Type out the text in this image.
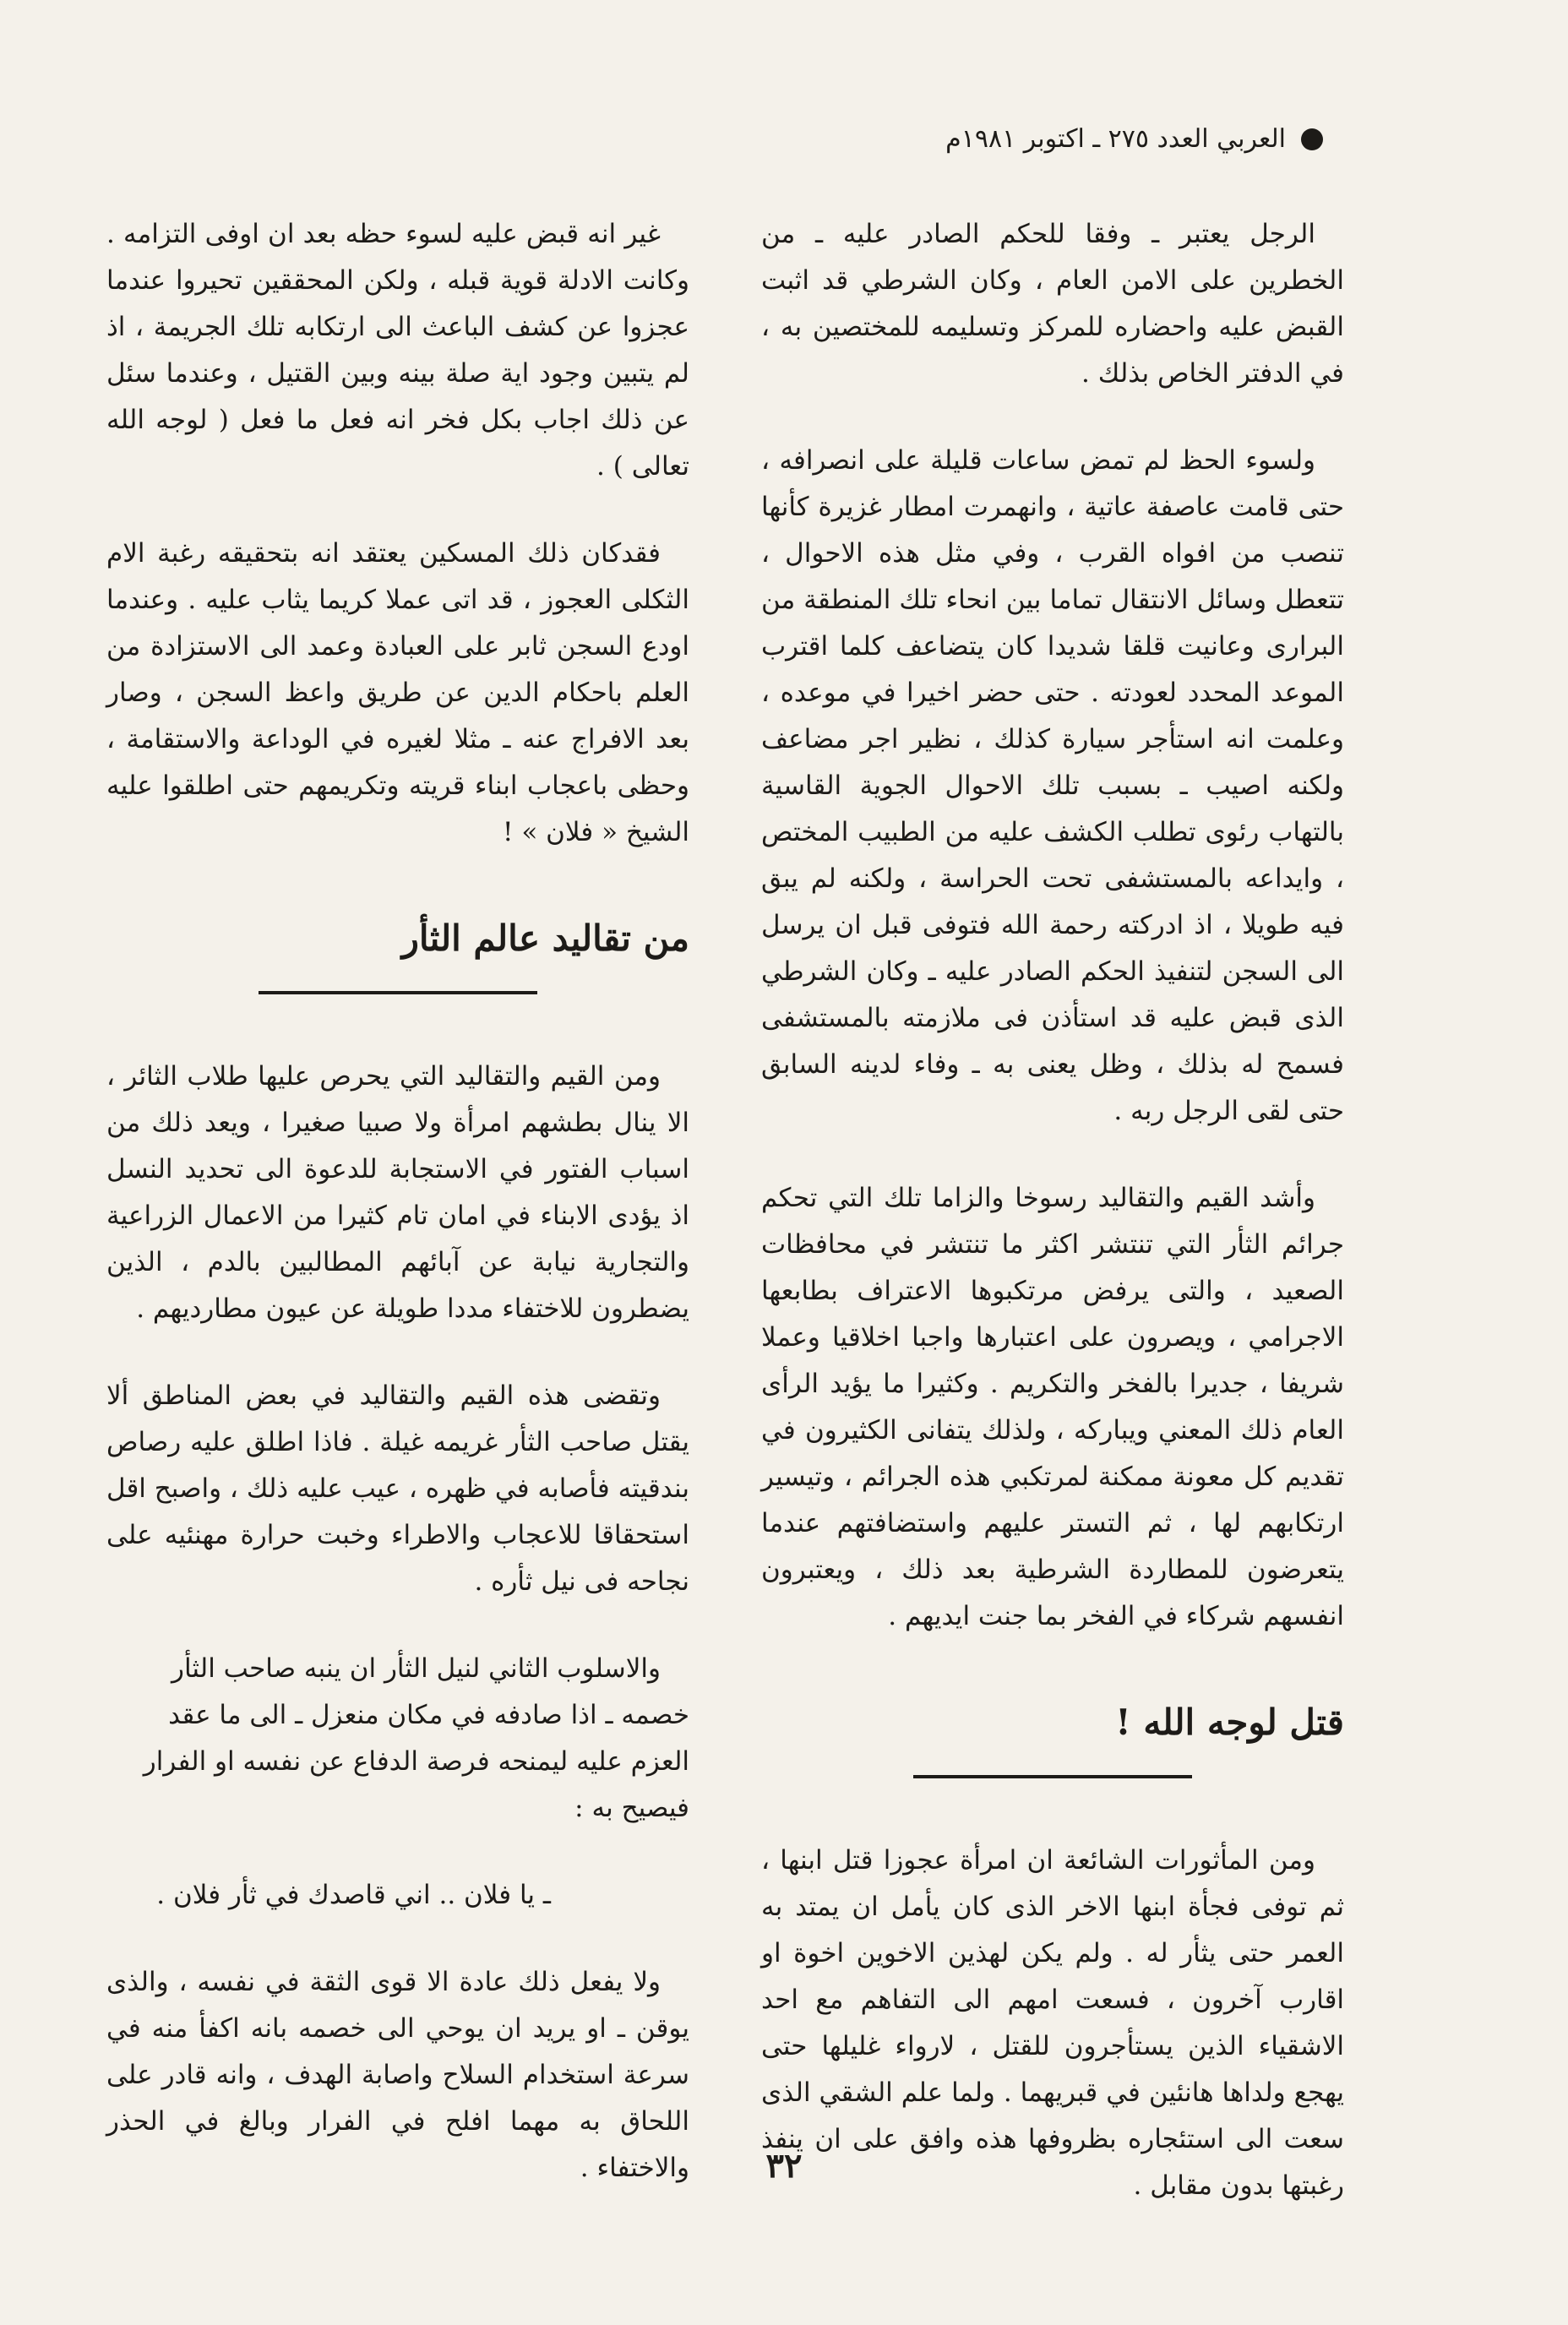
العربي العدد ٢٧٥ ـ اكتوبر ١٩٨١م

الرجل يعتبر ـ وفقا للحكم الصادر عليه ـ من الخطرين على الامن العام ، وكان الشرطي قد اثبت القبض عليه واحضاره للمركز وتسليمه للمختصين به ، في الدفتر الخاص بذلك .

ولسوء الحظ لم تمض ساعات قليلة على انصرافه ، حتى قامت عاصفة عاتية ، وانهمرت امطار غزيرة كأنها تنصب من افواه القرب ، وفي مثل هذه الاحوال ، تتعطل وسائل الانتقال تماما بين انحاء تلك المنطقة من البرارى وعانيت قلقا شديدا كان يتضاعف كلما اقترب الموعد المحدد لعودته . حتى حضر اخيرا في موعده ، وعلمت انه استأجر سيارة كذلك ، نظير اجر مضاعف ولكنه اصيب ـ بسبب تلك الاحوال الجوية القاسية بالتهاب رئوى تطلب الكشف عليه من الطبيب المختص ، وايداعه بالمستشفى تحت الحراسة ، ولكنه لم يبق فيه طويلا ، اذ ادركته رحمة الله فتوفى قبل ان يرسل الى السجن لتنفيذ الحكم الصادر عليه ـ وكان الشرطي الذى قبض عليه قد استأذن فى ملازمته بالمستشفى فسمح له بذلك ، وظل يعنى به ـ وفاء لدينه السابق حتى لقى الرجل ربه .

وأشد القيم والتقاليد رسوخا والزاما تلك التي تحكم جرائم الثأر التي تنتشر اكثر ما تنتشر في محافظات الصعيد ، والتى يرفض مرتكبوها الاعتراف بطابعها الاجرامي ، ويصرون على اعتبارها واجبا اخلاقيا وعملا شريفا ، جديرا بالفخر والتكريم . وكثيرا ما يؤيد الرأى العام ذلك المعني ويباركه ، ولذلك يتفانى الكثيرون في تقديم كل معونة ممكنة لمرتكبي هذه الجرائم ، وتيسير ارتكابهم لها ، ثم التستر عليهم واستضافتهم عندما يتعرضون للمطاردة الشرطية بعد ذلك ، ويعتبرون انفسهم شركاء في الفخر بما جنت ايديهم .

قتل لوجه الله !

ومن المأثورات الشائعة ان امرأة عجوزا قتل ابنها ، ثم توفى فجأة ابنها الاخر الذى كان يأمل ان يمتد به العمر حتى يثأر له . ولم يكن لهذين الاخوين اخوة او اقارب آخرون ، فسعت امهم الى التفاهم مع احد الاشقياء الذين يستأجرون للقتل ، لارواء غليلها حتى يهجع ولداها هانئين في قبريهما . ولما علم الشقي الذى سعت الى استئجاره بظروفها هذه وافق على ان ينفذ رغبتها بدون مقابل .

غير انه قبض عليه لسوء حظه بعد ان اوفى التزامه . وكانت الادلة قوية قبله ، ولكن المحققين تحيروا عندما عجزوا عن كشف الباعث الى ارتكابه تلك الجريمة ، اذ لم يتبين وجود اية صلة بينه وبين القتيل ، وعندما سئل عن ذلك اجاب بكل فخر انه فعل ما فعل ( لوجه الله تعالى ) .

فقدكان ذلك المسكين يعتقد انه بتحقيقه رغبة الام الثكلى العجوز ، قد اتى عملا كريما يثاب عليه . وعندما اودع السجن ثابر على العبادة وعمد الى الاستزادة من العلم باحكام الدين عن طريق واعظ السجن ، وصار بعد الافراج عنه ـ مثلا لغيره في الوداعة والاستقامة ، وحظى باعجاب ابناء قريته وتكريمهم حتى اطلقوا عليه الشيخ « فلان » !

من تقاليد عالم الثأر

ومن القيم والتقاليد التي يحرص عليها طلاب الثائر ، الا ينال بطشهم امرأة ولا صبيا صغيرا ، ويعد ذلك من اسباب الفتور في الاستجابة للدعوة الى تحديد النسل اذ يؤدى الابناء في امان تام كثيرا من الاعمال الزراعية والتجارية نيابة عن آبائهم المطالبين بالدم ، الذين يضطرون للاختفاء مددا طويلة عن عيون مطارديهم .

وتقضى هذه القيم والتقاليد في بعض المناطق ألا يقتل صاحب الثأر غريمه غيلة . فاذا اطلق عليه رصاص بندقيته فأصابه في ظهره ، عيب عليه ذلك ، واصبح اقل استحقاقا للاعجاب والاطراء وخبت حرارة مهنئيه على نجاحه فى نيل ثأره .

والاسلوب الثاني لنيل الثأر ان ينبه صاحب الثأر خصمه ـ اذا صادفه في مكان منعزل ـ الى ما عقد العزم عليه ليمنحه فرصة الدفاع عن نفسه او الفرار فيصيح به :

ـ يا فلان .. اني قاصدك في ثأر فلان .

ولا يفعل ذلك عادة الا قوى الثقة في نفسه ، والذى يوقن ـ او يريد ان يوحي الى خصمه بانه اكفأ منه في سرعة استخدام السلاح واصابة الهدف ، وانه قادر على اللحاق به مهما افلح في الفرار وبالغ في الحذر والاختفاء .	٣٢
